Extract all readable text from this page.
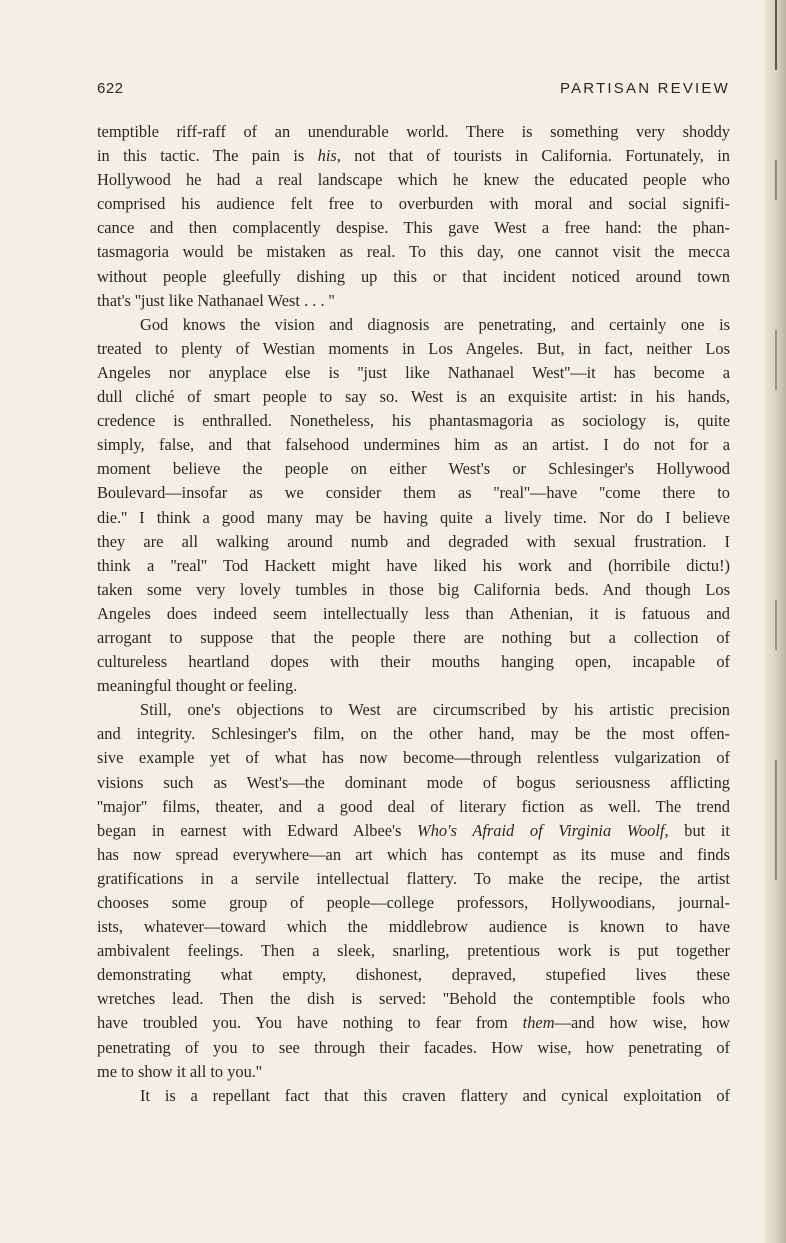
622	PARTISAN REVIEW
temptible riff-raff of an unendurable world. There is something very shoddy
in this tactic. The pain is his, not that of tourists in California. Fortunately, in
Hollywood he had a real landscape which he knew the educated people who
comprised his audience felt free to overburden with moral and social signifi-
cance and then complacently despise. This gave West a free hand: the phan-
tasmagoria would be mistaken as real. To this day, one cannot visit the mecca
without people gleefully dishing up this or that incident noticed around town
that's ''just like Nathanael West . . . ''
God knows the vision and diagnosis are penetrating, and certainly one is
treated to plenty of Westian moments in Los Angeles. But, in fact, neither Los
Angeles nor anyplace else is ''just like Nathanael West''—it has become a
dull cliché of smart people to say so. West is an exquisite artist: in his hands,
credence is enthralled. Nonetheless, his phantasmagoria as sociology is, quite
simply, false, and that falsehood undermines him as an artist. I do not for a
moment believe the people on either West's or Schlesinger's Hollywood
Boulevard—insofar as we consider them as ''real''—have ''come there to
die.'' I think a good many may be having quite a lively time. Nor do I believe
they are all walking around numb and degraded with sexual frustration. I
think a ''real'' Tod Hackett might have liked his work and (horribile dictu!)
taken some very lovely tumbles in those big California beds. And though Los
Angeles does indeed seem intellectually less than Athenian, it is fatuous and
arrogant to suppose that the people there are nothing but a collection of
cultureless heartland dopes with their mouths hanging open, incapable of
meaningful thought or feeling.
Still, one's objections to West are circumscribed by his artistic precision
and integrity. Schlesinger's film, on the other hand, may be the most offen-
sive example yet of what has now become—through relentless vulgarization of
visions such as West's—the dominant mode of bogus seriousness afflicting
''major'' films, theater, and a good deal of literary fiction as well. The trend
began in earnest with Edward Albee's Who's Afraid of Virginia Woolf, but it
has now spread everywhere—an art which has contempt as its muse and finds
gratifications in a servile intellectual flattery. To make the recipe, the artist
chooses some group of people—college professors, Hollywoodians, journal-
ists, whatever—toward which the middlebrow audience is known to have
ambivalent feelings. Then a sleek, snarling, pretentious work is put together
demonstrating what empty, dishonest, depraved, stupefied lives these
wretches lead. Then the dish is served: ''Behold the contemptible fools who
have troubled you. You have nothing to fear from them—and how wise, how
penetrating of you to see through their facades. How wise, how penetrating of
me to show it all to you.''
It is a repellant fact that this craven flattery and cynical exploitation of
